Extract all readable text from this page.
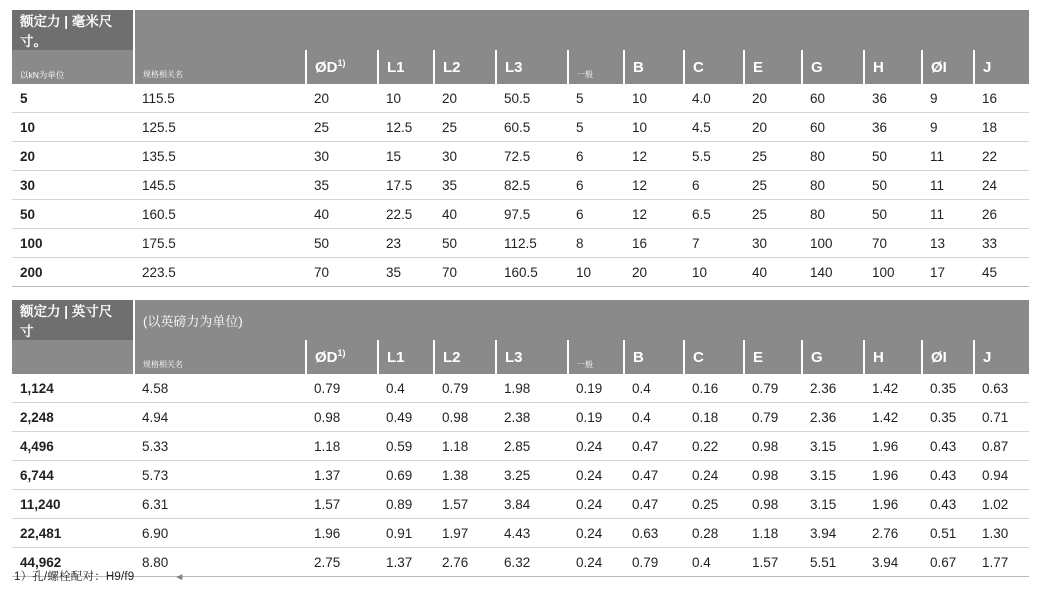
额定力 | 毫米尺寸。													
以kN为单位	规格相关名	ØD$^{1)}$	L1	L2	L3	一般	B	C	E	G	H	ØI	J
5	115.5	20	10	20	50.5	5	10	4.0	20	60	36	9	16
10	125.5	25	12.5	25	60.5	5	10	4.5	20	60	36	9	18
20	135.5	30	15	30	72.5	6	12	5.5	25	80	50	11	22
30	145.5	35	17.5	35	82.5	6	12	6	25	80	50	11	24
50	160.5	40	22.5	40	97.5	6	12	6.5	25	80	50	11	26
100	175.5	50	23	50	112.5	8	16	7	30	100	70	13	33
200	223.5	70	35	70	160.5	10	20	10	40	140	100	17	45
额定力 | 英寸尺寸	(以英磅力为单位)												
	规格相关名	ØD$^{1)}$	L1	L2	L3	一般	B	C	E	G	H	ØI	J
1,124	4.58	0.79	0.4	0.79	1.98	0.19	0.4	0.16	0.79	2.36	1.42	0.35	0.63
2,248	4.94	0.98	0.49	0.98	2.38	0.19	0.4	0.18	0.79	2.36	1.42	0.35	0.71
4,496	5.33	1.18	0.59	1.18	2.85	0.24	0.47	0.22	0.98	3.15	1.96	0.43	0.87
6,744	5.73	1.37	0.69	1.38	3.25	0.24	0.47	0.24	0.98	3.15	1.96	0.43	0.94
11,240	6.31	1.57	0.89	1.57	3.84	0.24	0.47	0.25	0.98	3.15	1.96	0.43	1.02
22,481	6.90	1.96	0.91	1.97	4.43	0.24	0.63	0.28	1.18	3.94	2.76	0.51	1.30
44,962	8.80	2.75	1.37	2.76	6.32	0.24	0.79	0.4	1.57	5.51	3.94	0.67	1.77
1）孔/螺栓配对：H9/f9	◄
